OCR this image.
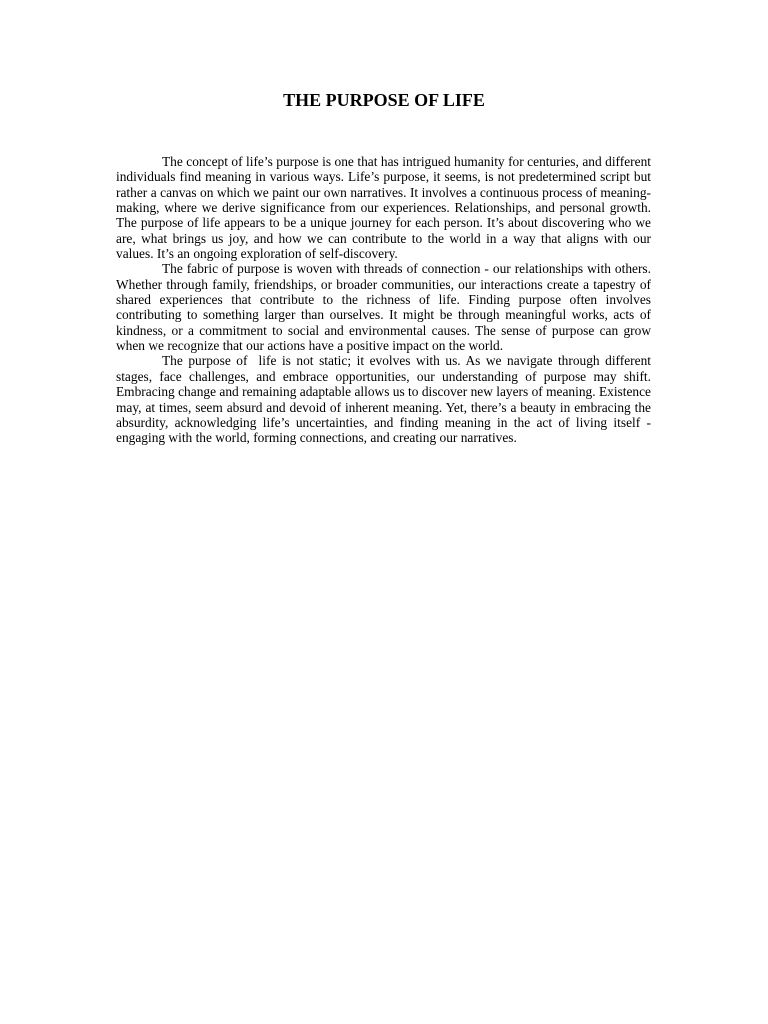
THE PURPOSE OF LIFE

The concept of life’s purpose is one that has intrigued humanity for centuries, and different individuals find meaning in various ways. Life’s purpose, it seems, is not predetermined script but rather a canvas on which we paint our own narratives. It involves a continuous process of meaning-making, where we derive significance from our experiences. Relationships, and personal growth. The purpose of life appears to be a unique journey for each person. It’s about discovering who we are, what brings us joy, and how we can contribute to the world in a way that aligns with our values. It’s an ongoing exploration of self-discovery.

The fabric of purpose is woven with threads of connection - our relationships with others. Whether through family, friendships, or broader communities, our interactions create a tapestry of shared experiences that contribute to the richness of life. Finding purpose often involves contributing to something larger than ourselves. It might be through meaningful works, acts of kindness, or a commitment to social and environmental causes. The sense of purpose can grow when we recognize that our actions have a positive impact on the world.

The purpose of  life is not static; it evolves with us. As we navigate through different stages, face challenges, and embrace opportunities, our understanding of purpose may shift. Embracing change and remaining adaptable allows us to discover new layers of meaning. Existence may, at times, seem absurd and devoid of inherent meaning. Yet, there’s a beauty in embracing the absurdity, acknowledging life’s uncertainties, and finding meaning in the act of living itself - engaging with the world, forming connections, and creating our narratives.
